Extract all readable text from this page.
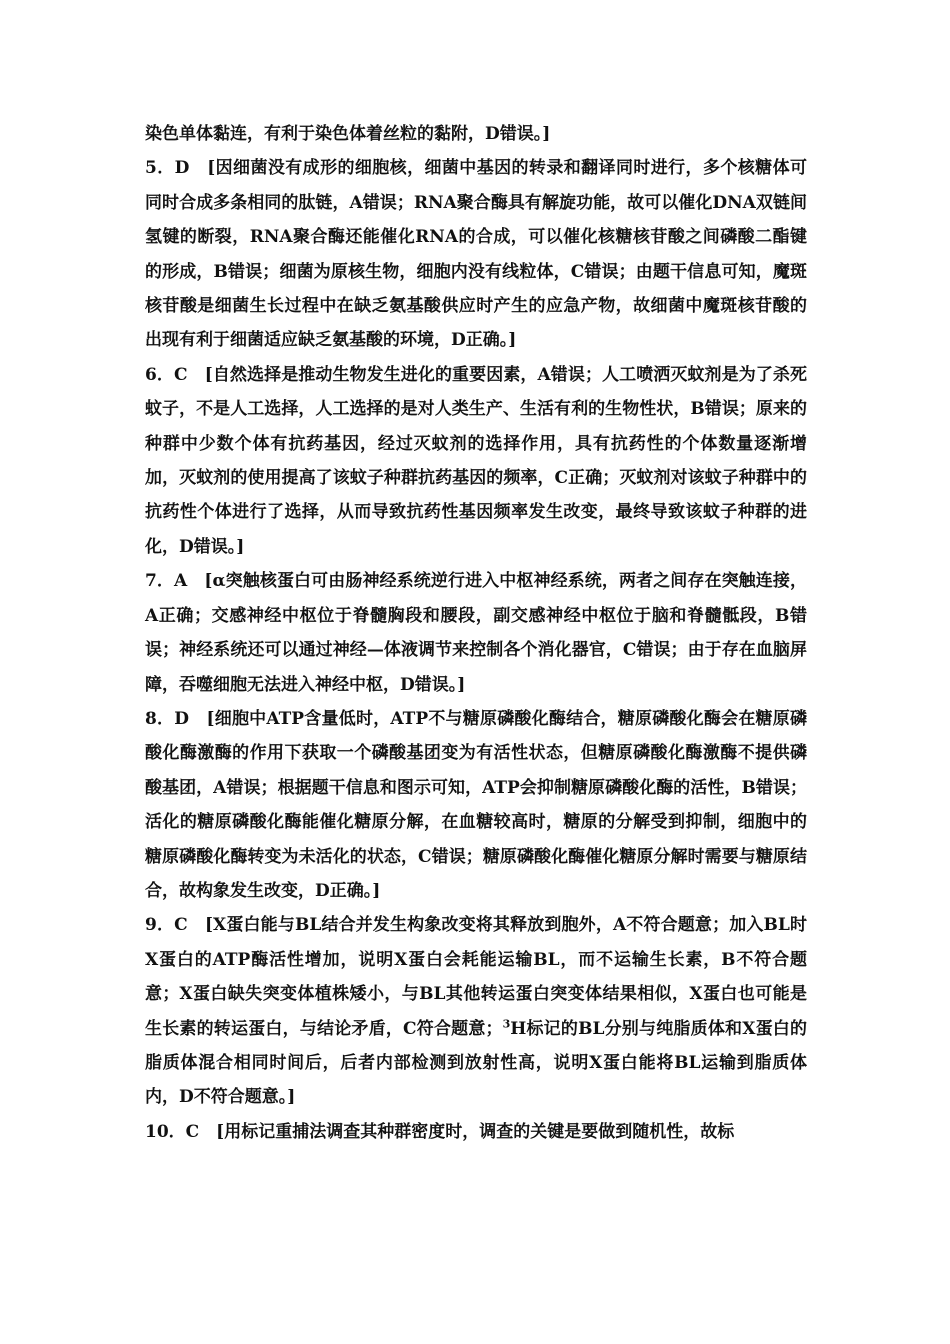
染色单体黏连，有利于染色体着丝粒的黏附，D错误。]

5．D　[因细菌没有成形的细胞核，细菌中基因的转录和翻译同时进行，多个核糖体可同时合成多条相同的肽链，A错误；RNA聚合酶具有解旋功能，故可以催化DNA双链间氢键的断裂，RNA聚合酶还能催化RNA的合成，可以催化核糖核苷酸之间磷酸二酯键的形成，B错误；细菌为原核生物，细胞内没有线粒体，C错误；由题干信息可知，魔斑核苷酸是细菌生长过程中在缺乏氨基酸供应时产生的应急产物，故细菌中魔斑核苷酸的出现有利于细菌适应缺乏氨基酸的环境，D正确。]

6．C　[自然选择是推动生物发生进化的重要因素，A错误；人工喷洒灭蚊剂是为了杀死蚊子，不是人工选择，人工选择的是对人类生产、生活有利的生物性状，B错误；原来的种群中少数个体有抗药基因，经过灭蚊剂的选择作用，具有抗药性的个体数量逐渐增加，灭蚊剂的使用提高了该蚊子种群抗药基因的频率，C正确；灭蚊剂对该蚊子种群中的抗药性个体进行了选择，从而导致抗药性基因频率发生改变，最终导致该蚊子种群的进化，D错误。]

7．A　[α突触核蛋白可由肠神经系统逆行进入中枢神经系统，两者之间存在突触连接，A正确；交感神经中枢位于脊髓胸段和腰段，副交感神经中枢位于脑和脊髓骶段，B错误；神经系统还可以通过神经—体液调节来控制各个消化器官，C错误；由于存在血脑屏障，吞噬细胞无法进入神经中枢，D错误。]

8．D　[细胞中ATP含量低时，ATP不与糖原磷酸化酶结合，糖原磷酸化酶会在糖原磷酸化酶激酶的作用下获取一个磷酸基团变为有活性状态，但糖原磷酸化酶激酶不提供磷酸基团，A错误；根据题干信息和图示可知，ATP会抑制糖原磷酸化酶的活性，B错误；活化的糖原磷酸化酶能催化糖原分解，在血糖较高时，糖原的分解受到抑制，细胞中的糖原磷酸化酶转变为未活化的状态，C错误；糖原磷酸化酶催化糖原分解时需要与糖原结合，故构象发生改变，D正确。]

9．C　[X蛋白能与BL结合并发生构象改变将其释放到胞外，A不符合题意；加入BL时X蛋白的ATP酶活性增加，说明X蛋白会耗能运输BL，而不运输生长素，B不符合题意；X蛋白缺失突变体植株矮小，与BL其他转运蛋白突变体结果相似，X蛋白也可能是生长素的转运蛋白，与结论矛盾，C符合题意；$^3$H标记的BL分别与纯脂质体和X蛋白的脂质体混合相同时间后，后者内部检测到放射性高，说明X蛋白能将BL运输到脂质体内，D不符合题意。]

10．C　[用标记重捕法调查其种群密度时，调查的关键是要做到随机性，故标
